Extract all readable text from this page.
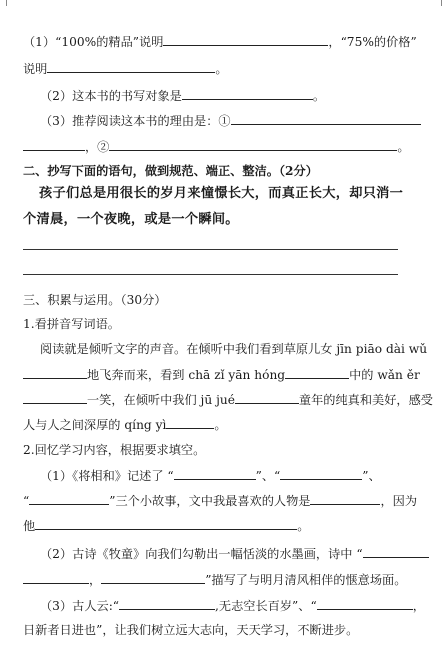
（1）“100%的精品”说明	，“75%的价格”
说明	。
（2）这本书的书写对象是	。
（3）推荐阅读这本书的理由是：①
，②	。
二、抄写下面的语句，做到规范、端正、整洁。（2分）
孩子们总是用很长的岁月来憧憬长大，而真正长大，却只消一
个清晨，一个夜晚，或是一个瞬间。
三、积累与运用。（30分）
1.看拼音写词语。
阅读就是倾听文字的声音。在倾听中我们看到草原儿女 jīn piāo dài wǔ
地飞奔而来，看到 chā zǐ yān hóng	中的 wǎn ěr
一笑，在倾听中我们 jū jué	童年的纯真和美好，感受
人与人之间深厚的 qíng yì	。
2.回忆学习内容，根据要求填空。
（1）《将相和》记述了 “	”、“	”、
“	”三个小故事，文中我最喜欢的人物是	，因为
他	。
（2）古诗《牧童》向我们勾勒出一幅恬淡的水墨画，诗中 “
，	”描写了与明月清风相伴的惬意场面。
（3）古人云:“	,无志空长百岁”、“	，
日新者日进也”，让我们树立远大志向，天天学习，不断进步。
